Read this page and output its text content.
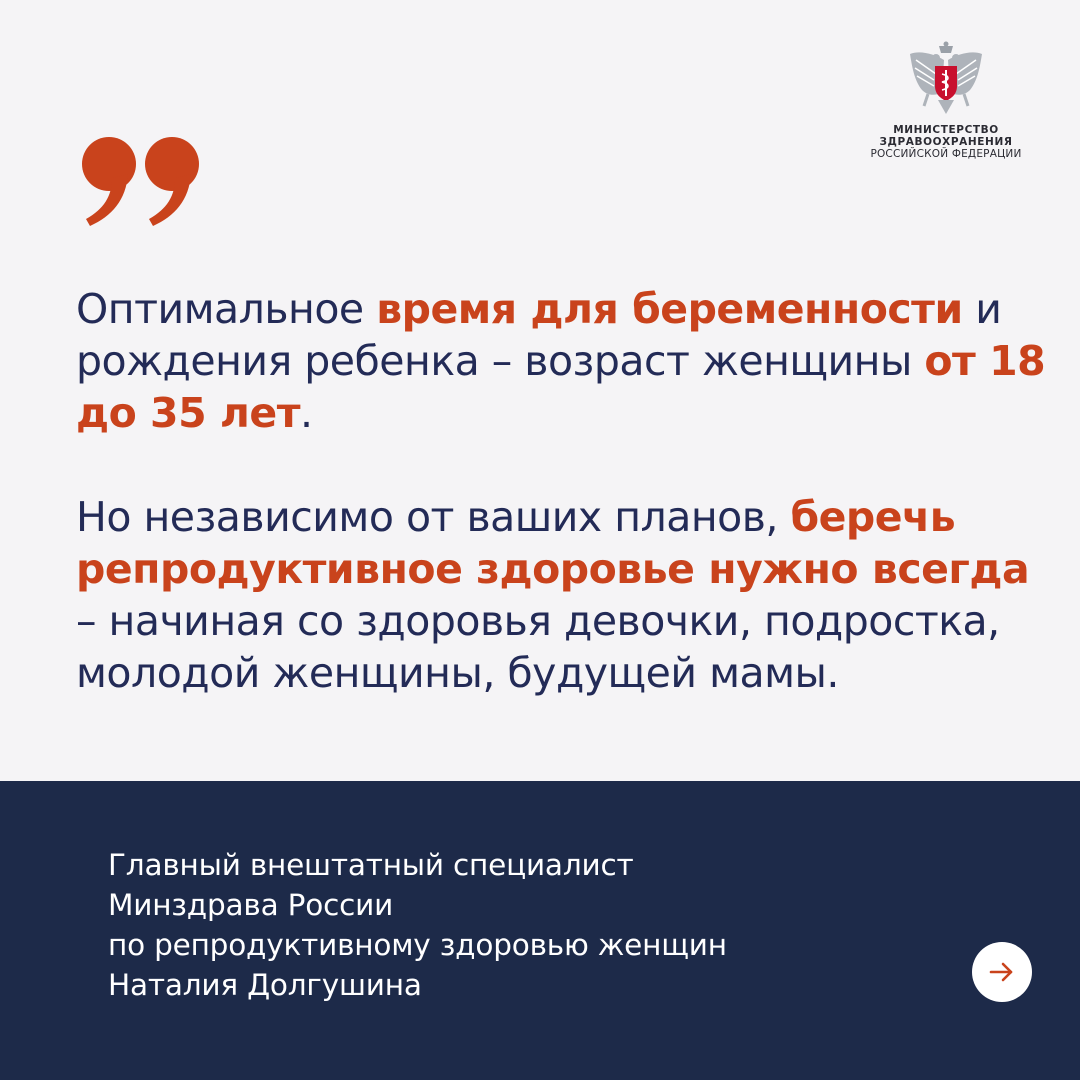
МИНИСТЕРСТВО
ЗДРАВООХРАНЕНИЯ
РОССИЙСКОЙ ФЕДЕРАЦИИ

Оптимальное время для беременности и рождения ребенка – возраст женщины от 18 до 35 лет.

Но независимо от ваших планов, беречь репродуктивное здоровье нужно всегда – начиная со здоровья девочки, подростка, молодой женщины, будущей мамы.

Главный внештатный специалист
Минздрава России
по репродуктивному здоровью женщин
Наталия Долгушина
